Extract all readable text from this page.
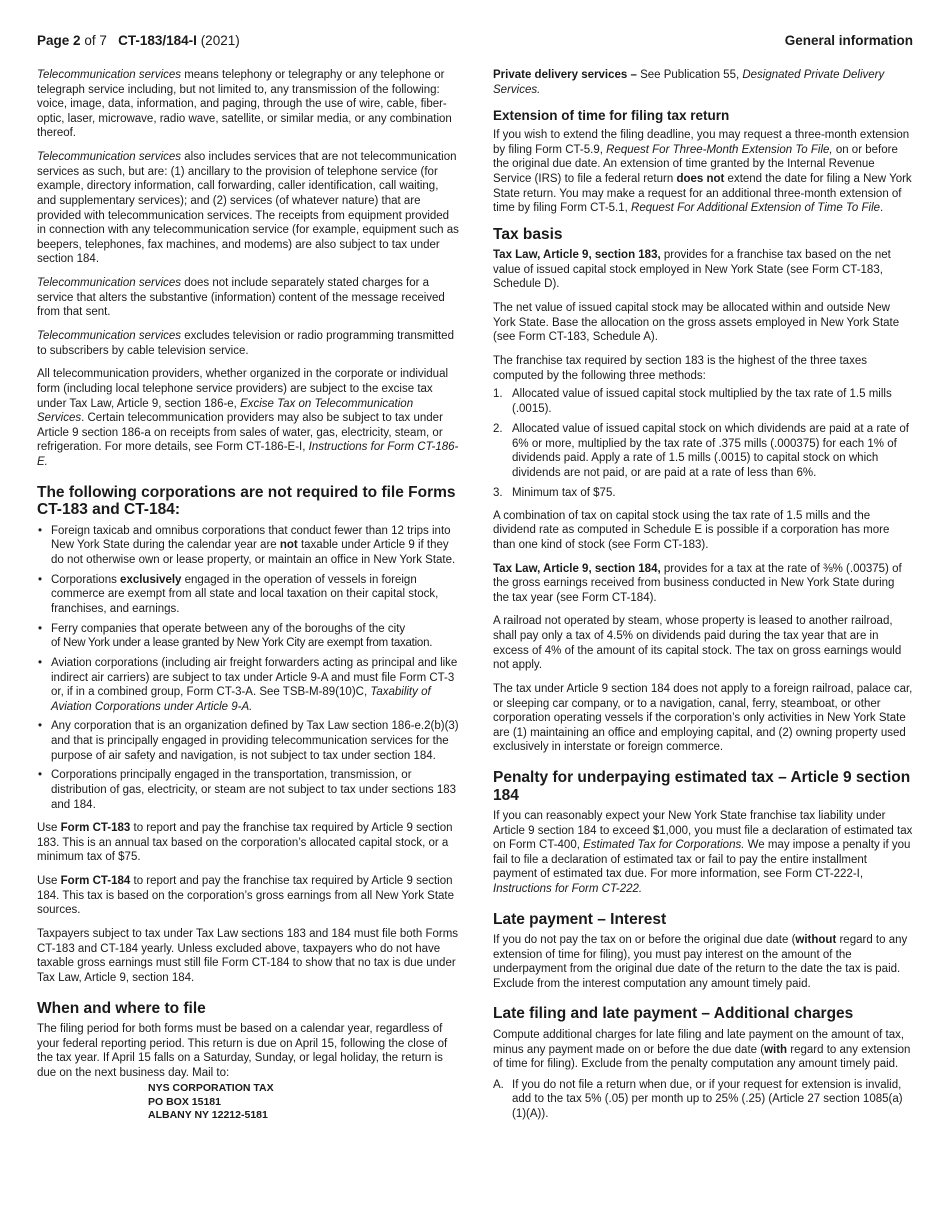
Page 2 of 7 CT-183/184-I (2021)	General information

Telecommunication services means telephony or telegraphy or any telephone or telegraph service including, but not limited to, any transmission of the following: voice, image, data, information, and paging, through the use of wire, cable, fiber-optic, laser, microwave, radio wave, satellite, or similar media, or any combination thereof.

Telecommunication services also includes services that are not telecommunication services as such, but are: (1) ancillary to the provision of telephone service (for example, directory information, call forwarding, caller identification, call waiting, and supplementary services); and (2) services (of whatever nature) that are provided with telecommunication services. The receipts from equipment provided in connection with any telecommunication service (for example, equipment such as beepers, telephones, fax machines, and modems) are also subject to tax under section 184.

Telecommunication services does not include separately stated charges for a service that alters the substantive (information) content of the message received from that sent.

Telecommunication services excludes television or radio programming transmitted to subscribers by cable television service.

All telecommunication providers, whether organized in the corporate or individual form (including local telephone service providers) are subject to the excise tax under Tax Law, Article 9, section 186-e, Excise Tax on Telecommunication Services. Certain telecommunication providers may also be subject to tax under Article 9 section 186-a on receipts from sales of water, gas, electricity, steam, or refrigeration. For more details, see Form CT-186-E-I, Instructions for Form CT-186-E.

The following corporations are not required to file Forms CT-183 and CT-184:
• Foreign taxicab and omnibus corporations that conduct fewer than 12 trips into New York State during the calendar year are not taxable under Article 9 if they do not otherwise own or lease property, or maintain an office in New York State.
• Corporations exclusively engaged in the operation of vessels in foreign commerce are exempt from all state and local taxation on their capital stock, franchises, and earnings.
• Ferry companies that operate between any of the boroughs of the city
of New York under a lease granted by New York City are exempt from taxation.
• Aviation corporations (including air freight forwarders acting as principal and like indirect air carriers) are subject to tax under Article 9-A and must file Form CT-3 or, if in a combined group, Form CT-3-A. See TSB-M-89(10)C, Taxability of Aviation Corporations under Article 9-A.
• Any corporation that is an organization defined by Tax Law section 186-e.2(b)(3) and that is principally engaged in providing telecommunication services for the purpose of air safety and navigation, is not subject to tax under section 184.
• Corporations principally engaged in the transportation, transmission, or distribution of gas, electricity, or steam are not subject to tax under sections 183 and 184.

Use Form CT-183 to report and pay the franchise tax required by Article 9 section 183. This is an annual tax based on the corporation’s allocated capital stock, or a minimum tax of $75.

Use Form CT-184 to report and pay the franchise tax required by Article 9 section 184. This tax is based on the corporation’s gross earnings from all New York State sources.

Taxpayers subject to tax under Tax Law sections 183 and 184 must file both Forms CT-183 and CT-184 yearly. Unless excluded above, taxpayers who do not have taxable gross earnings must still file Form CT-184 to show that no tax is due under Tax Law, Article 9, section 184.

When and where to file

The filing period for both forms must be based on a calendar year, regardless of your federal reporting period. This return is due on April 15, following the close of the tax year. If April 15 falls on a Saturday, Sunday, or legal holiday, the return is due on the next business day. Mail to:

NYS CORPORATION TAX
PO BOX 15181
ALBANY NY 12212-5181

Private delivery services – See Publication 55, Designated Private Delivery Services.

Extension of time for filing tax return

If you wish to extend the filing deadline, you may request a three-month extension by filing Form CT-5.9, Request For Three-Month Extension To File, on or before the original due date. An extension of time granted by the Internal Revenue Service (IRS) to file a federal return does not extend the date for filing a New York State return. You may make a request for an additional three-month extension of time by filing Form CT-5.1, Request For Additional Extension of Time To File.

Tax basis

Tax Law, Article 9, section 183, provides for a franchise tax based on the net value of issued capital stock employed in New York State (see Form CT-183, Schedule D).

The net value of issued capital stock may be allocated within and outside New York State. Base the allocation on the gross assets employed in New York State (see Form CT-183, Schedule A).

The franchise tax required by section 183 is the highest of the three taxes computed by the following three methods:

1. Allocated value of issued capital stock multiplied by the tax rate of 1.5 mills (.0015).
2. Allocated value of issued capital stock on which dividends are paid at a rate of 6% or more, multiplied by the tax rate of .375 mills (.000375) for each 1% of dividends paid. Apply a rate of 1.5 mills (.0015) to capital stock on which dividends are not paid, or are paid at a rate of less than 6%.
3. Minimum tax of $75.

A combination of tax on capital stock using the tax rate of 1.5 mills and the dividend rate as computed in Schedule E is possible if a corporation has more than one kind of stock (see Form CT-183).

Tax Law, Article 9, section 184, provides for a tax at the rate of ⅜% (.00375) of the gross earnings received from business conducted in New York State during the tax year (see Form CT-184).

A railroad not operated by steam, whose property is leased to another railroad, shall pay only a tax of 4.5% on dividends paid during the tax year that are in excess of 4% of the amount of its capital stock. The tax on gross earnings would not apply.

The tax under Article 9 section 184 does not apply to a foreign railroad, palace car, or sleeping car company, or to a navigation, canal, ferry, steamboat, or other corporation operating vessels if the corporation’s only activities in New York State are (1) maintaining an office and employing capital, and (2) owning property used exclusively in interstate or foreign commerce.

Penalty for underpaying estimated tax – Article 9 section 184

If you can reasonably expect your New York State franchise tax liability under Article 9 section 184 to exceed $1,000, you must file a declaration of estimated tax on Form CT-400, Estimated Tax for Corporations. We may impose a penalty if you fail to file a declaration of estimated tax or fail to pay the entire installment payment of estimated tax due. For more information, see Form CT-222-I, Instructions for Form CT-222.

Late payment – Interest

If you do not pay the tax on or before the original due date (without regard to any extension of time for filing), you must pay interest on the amount of the underpayment from the original due date of the return to the date the tax is paid. Exclude from the interest computation any amount timely paid.

Late filing and late payment – Additional charges

Compute additional charges for late filing and late payment on the amount of tax, minus any payment made on or before the due date (with regard to any extension of time for filing). Exclude from the penalty computation any amount timely paid.

A. If you do not file a return when due, or if your request for extension is invalid, add to the tax 5% (.05) per month up to 25% (.25) (Article 27 section 1085(a)(1)(A)).
